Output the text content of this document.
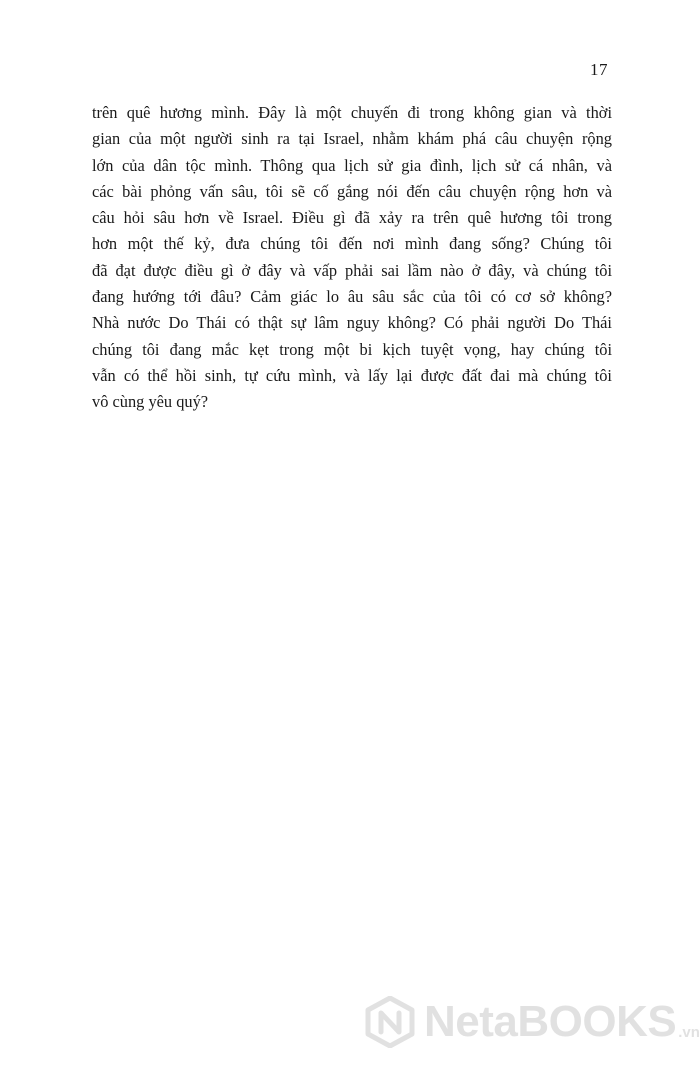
17
trên quê hương mình. Đây là một chuyến đi trong không gian và thời
gian của một người sinh ra tại Israel, nhằm khám phá câu chuyện rộng
lớn của dân tộc mình. Thông qua lịch sử gia đình, lịch sử cá nhân, và
các bài phỏng vấn sâu, tôi sẽ cố gắng nói đến câu chuyện rộng hơn và
câu hỏi sâu hơn về Israel. Điều gì đã xảy ra trên quê hương tôi trong
hơn một thế kỷ, đưa chúng tôi đến nơi mình đang sống? Chúng tôi
đã đạt được điều gì ở đây và vấp phải sai lầm nào ở đây, và chúng tôi
đang hướng tới đâu? Cảm giác lo âu sâu sắc của tôi có cơ sở không?
Nhà nước Do Thái có thật sự lâm nguy không? Có phải người Do Thái
chúng tôi đang mắc kẹt trong một bi kịch tuyệt vọng, hay chúng tôi
vẫn có thể hồi sinh, tự cứu mình, và lấy lại được đất đai mà chúng tôi
vô cùng yêu quý?
NetaBOOKS .vn
